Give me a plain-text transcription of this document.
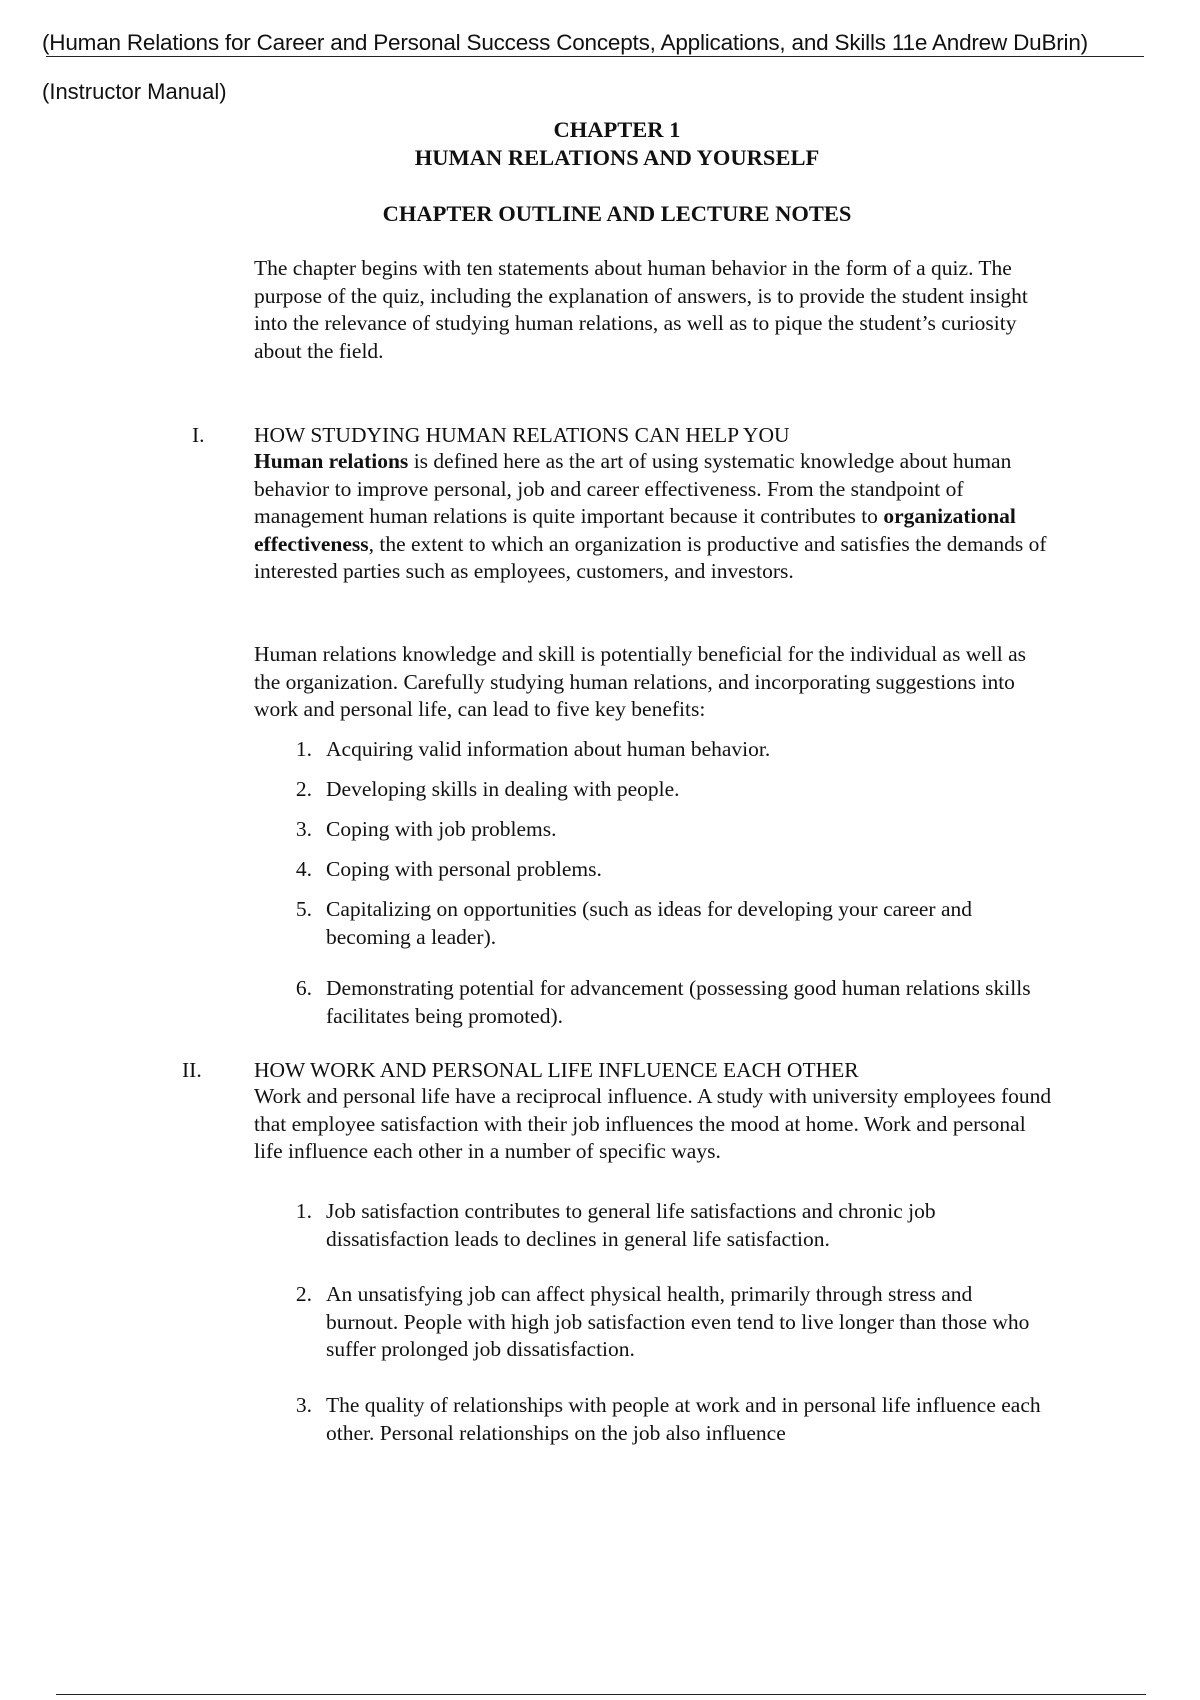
(Human Relations for Career and Personal Success Concepts, Applications, and Skills 11e Andrew DuBrin)
(Instructor Manual)
CHAPTER 1
HUMAN RELATIONS AND YOURSELF
CHAPTER OUTLINE AND LECTURE NOTES
The chapter begins with ten statements about human behavior in the form of a quiz. The purpose of the quiz, including the explanation of answers, is to provide the student insight into the relevance of studying human relations, as well as to pique the student’s curiosity about the field.
I. HOW STUDYING HUMAN RELATIONS CAN HELP YOU
Human relations is defined here as the art of using systematic knowledge about human behavior to improve personal, job and career effectiveness. From the standpoint of management human relations is quite important because it contributes to organizational effectiveness, the extent to which an organization is productive and satisfies the demands of interested parties such as employees, customers, and investors.
Human relations knowledge and skill is potentially beneficial for the individual as well as the organization. Carefully studying human relations, and incorporating suggestions into work and personal life, can lead to five key benefits:
1. Acquiring valid information about human behavior.
2. Developing skills in dealing with people.
3. Coping with job problems.
4. Coping with personal problems.
5. Capitalizing on opportunities (such as ideas for developing your career and becoming a leader).
6. Demonstrating potential for advancement (possessing good human relations skills facilitates being promoted).
II. HOW WORK AND PERSONAL LIFE INFLUENCE EACH OTHER
Work and personal life have a reciprocal influence. A study with university employees found that employee satisfaction with their job influences the mood at home. Work and personal life influence each other in a number of specific ways.
1. Job satisfaction contributes to general life satisfactions and chronic job dissatisfaction leads to declines in general life satisfaction.
2. An unsatisfying job can affect physical health, primarily through stress and burnout. People with high job satisfaction even tend to live longer than those who suffer prolonged job dissatisfaction.
3. The quality of relationships with people at work and in personal life influence each other. Personal relationships on the job also influence
